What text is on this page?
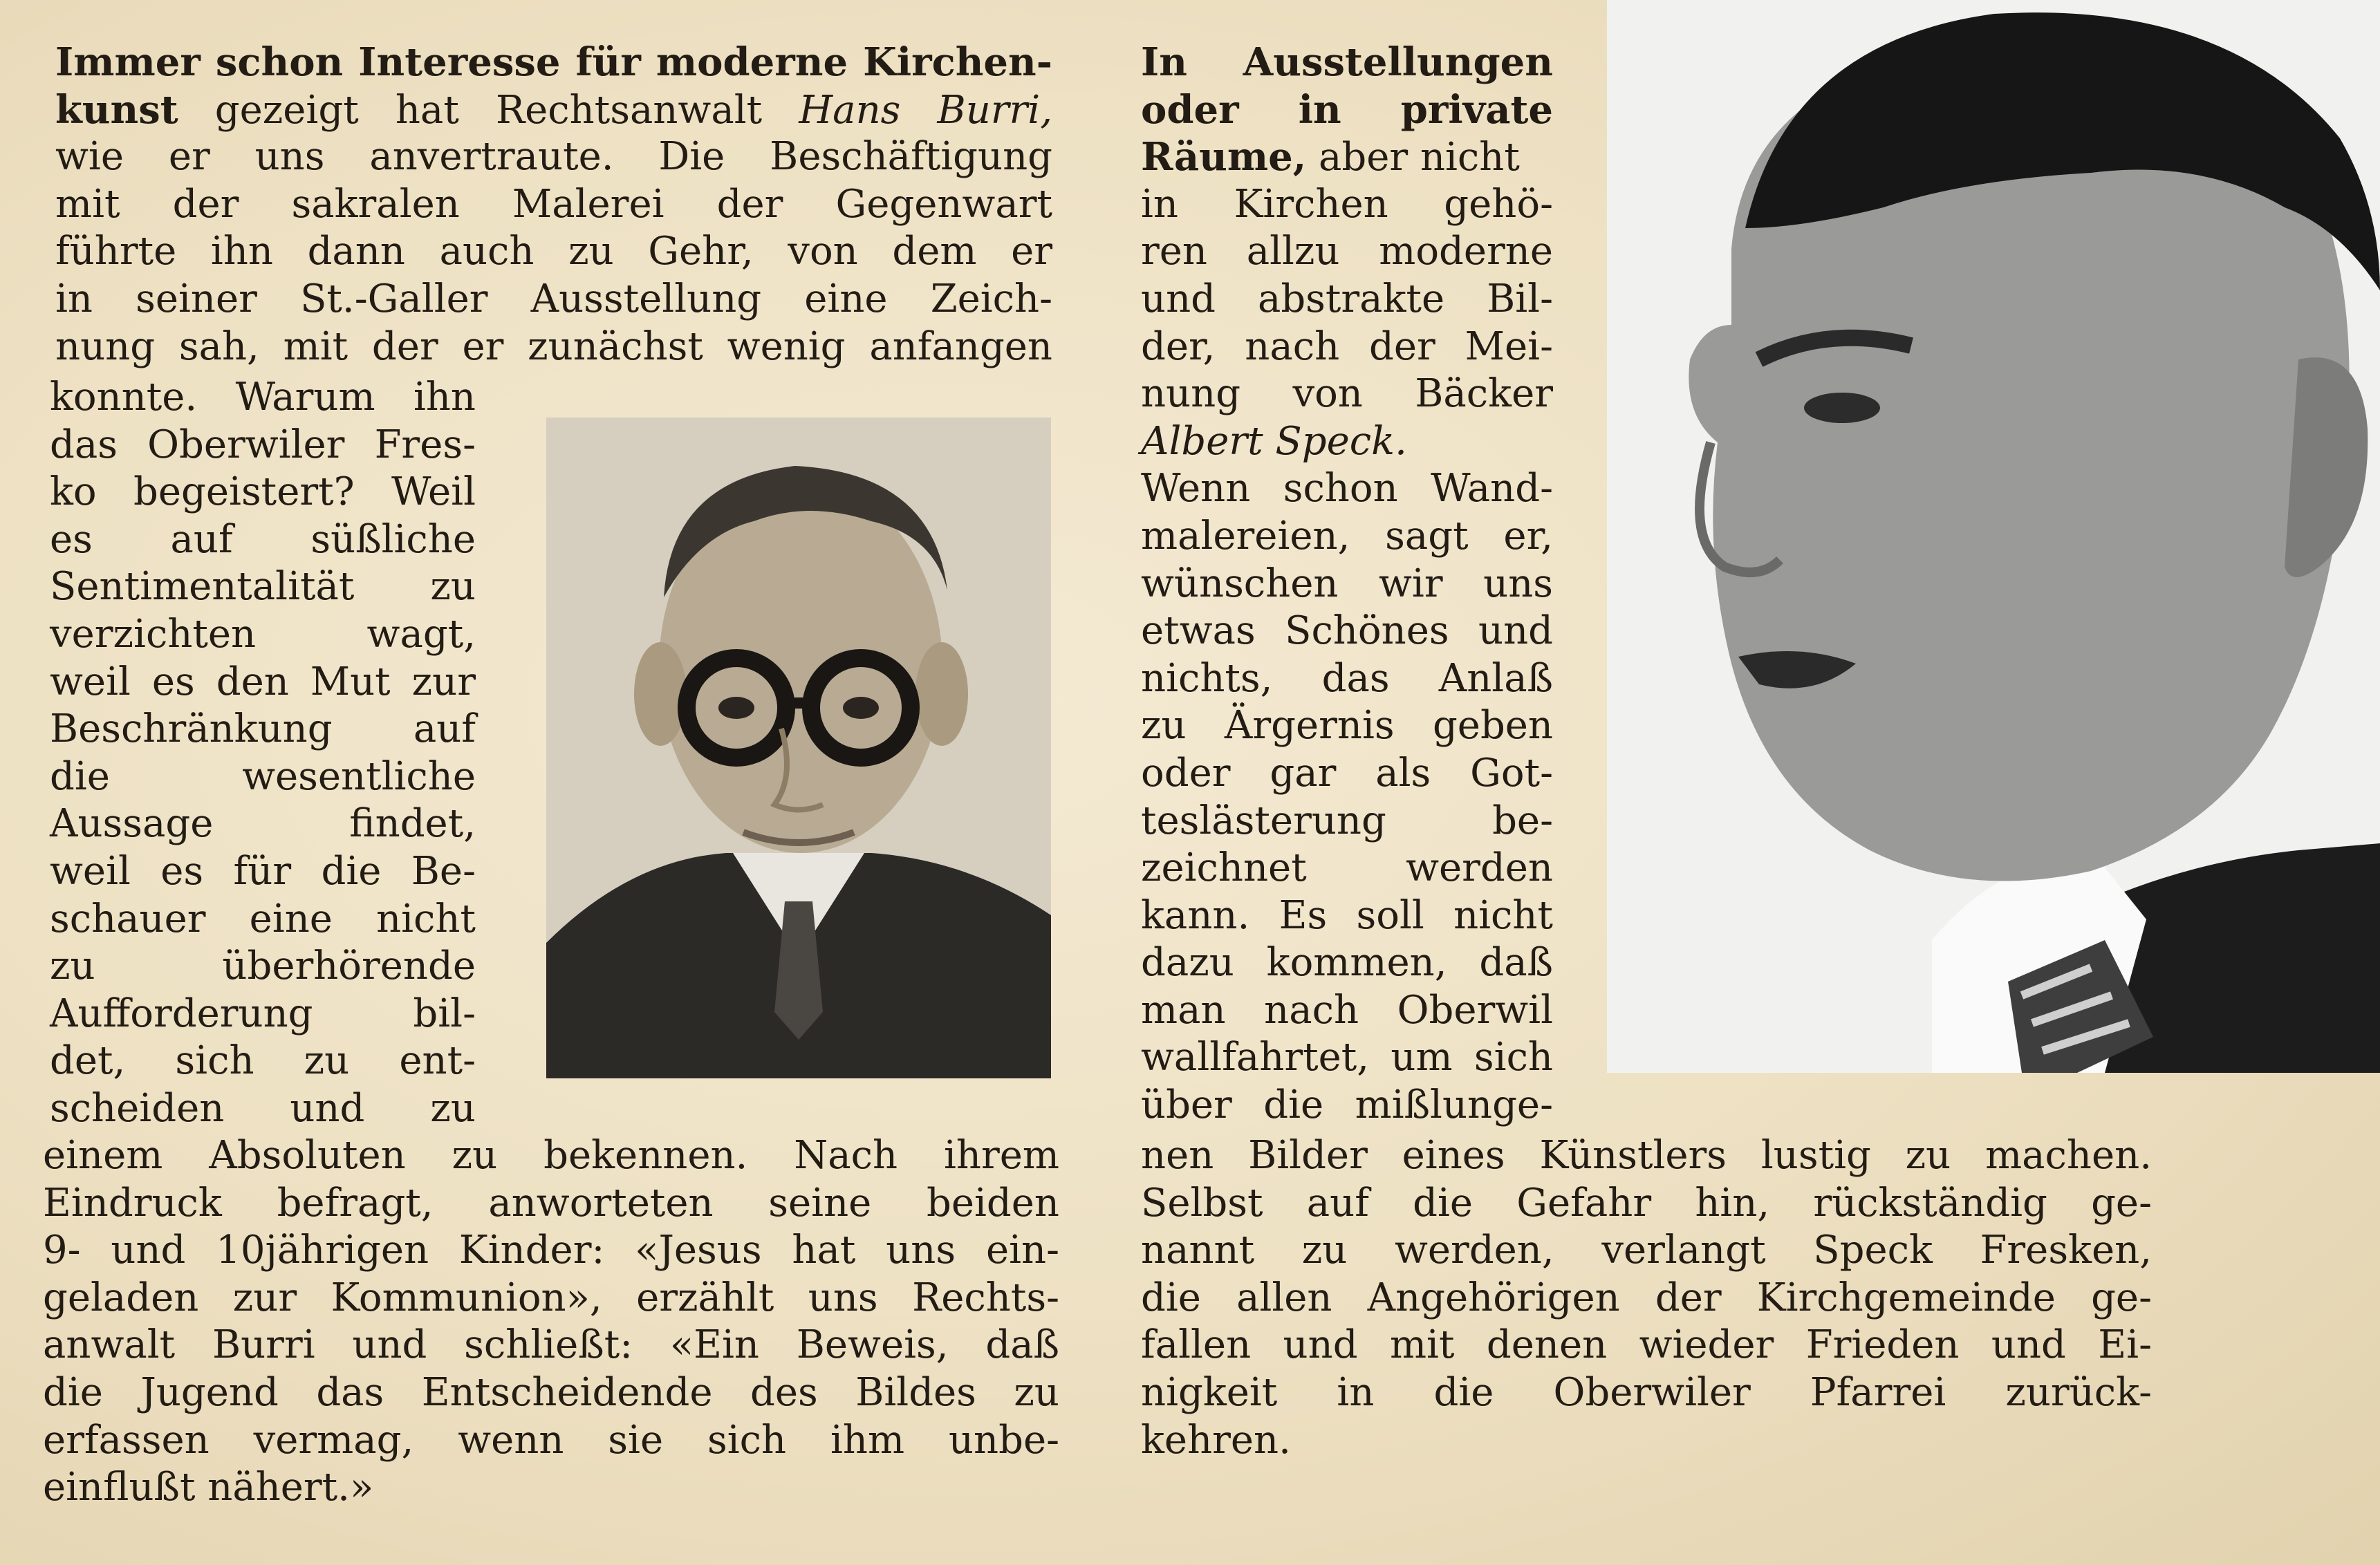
Immer schon Interesse für moderne Kirchen-
kunst gezeigt hat Rechtsanwalt Hans Burri,
wie er uns anvertraute. Die Beschäftigung
mit der sakralen Malerei der Gegenwart
führte ihn dann auch zu Gehr, von dem er
in seiner St.-Galler Ausstellung eine Zeich-
nung sah, mit der er zunächst wenig anfangen
konnte. Warum ihn
das Oberwiler Fres-
ko begeistert? Weil
es auf süßliche
Sentimentalität zu
verzichten wagt,
weil es den Mut zur
Beschränkung auf
die wesentliche
Aussage findet,
weil es für die Be-
schauer eine nicht
zu überhörende
Aufforderung bil-
det, sich zu ent-
scheiden und zu
einem Absoluten zu bekennen. Nach ihrem
Eindruck befragt, anworteten seine beiden
9- und 10jährigen Kinder: «Jesus hat uns ein-
geladen zur Kommunion», erzählt uns Rechts-
anwalt Burri und schließt: «Ein Beweis, daß
die Jugend das Entscheidende des Bildes zu
erfassen vermag, wenn sie sich ihm unbe-
einflußt nähert.»
In Ausstellungen
oder in private
Räume, aber nicht
in Kirchen gehö-
ren allzu moderne
und abstrakte Bil-
der, nach der Mei-
nung von Bäcker
Albert Speck.
Wenn schon Wand-
malereien, sagt er,
wünschen wir uns
etwas Schönes und
nichts, das Anlaß
zu Ärgernis geben
oder gar als Got-
teslästerung be-
zeichnet werden
kann. Es soll nicht
dazu kommen, daß
man nach Oberwil
wallfahrtet, um sich
über die mißlunge-
nen Bilder eines Künstlers lustig zu machen.
Selbst auf die Gefahr hin, rückständig ge-
nannt zu werden, verlangt Speck Fresken,
die allen Angehörigen der Kirchgemeinde ge-
fallen und mit denen wieder Frieden und Ei-
nigkeit in die Oberwiler Pfarrei zurück-
kehren.
